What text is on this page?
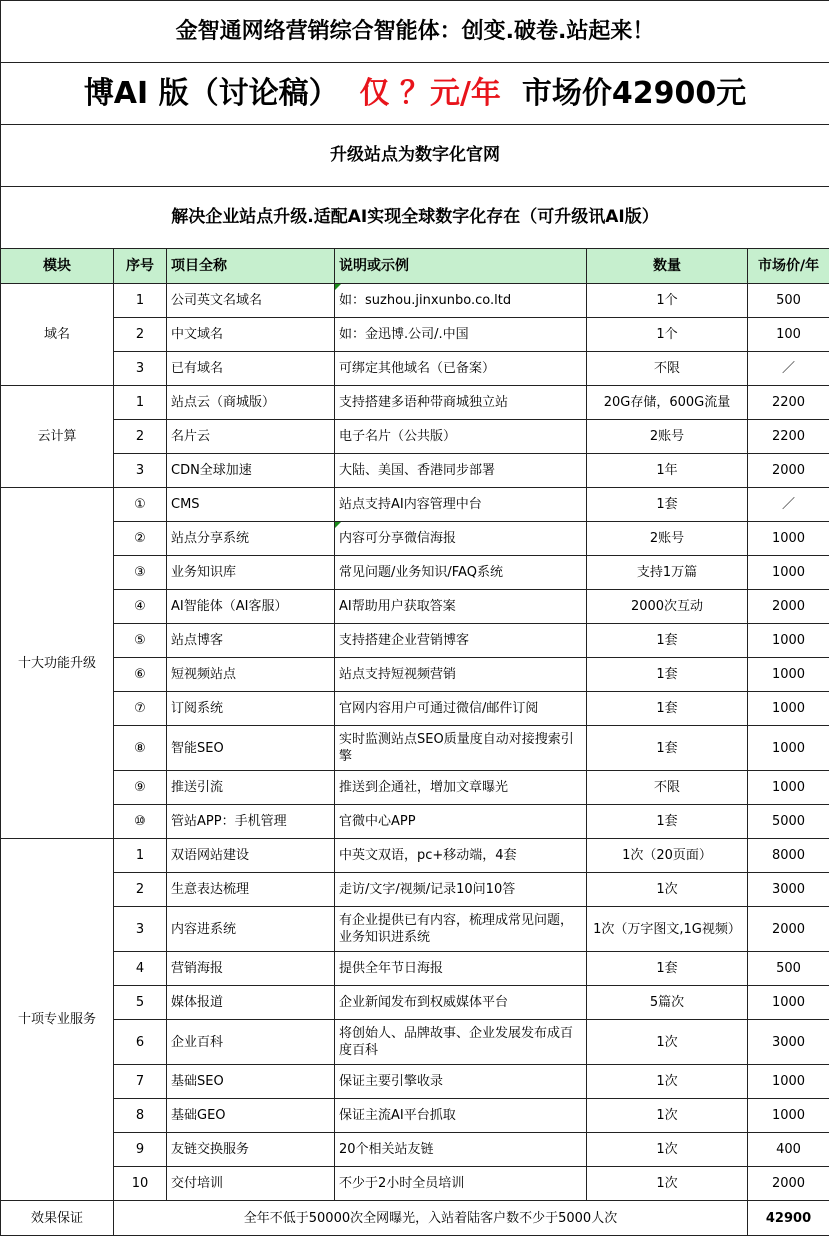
金智通网络营销综合智能体：创变.破卷.站起来！					
博AI 版（讨论稿） 仅 ？元/年 市场价42900元					
升级站点为数字化官网					
解决企业站点升级.适配AI实现全球数字化存在（可升级讯AI版）					
模块	序号	项目全称	说明或示例	数量	市场价/年
域名	1	公司英文名域名	如：suzhou.jinxunbo.co.ltd	1个	500
	2	中文域名	如：金迅博.公司/.中国	1个	100
	3	已有域名	可绑定其他域名（已备案）	不限	／
云计算	1	站点云（商城版）	支持搭建多语种带商城独立站	20G存储，600G流量	2200
	2	名片云	电子名片（公共版）	2账号	2200
	3	CDN全球加速	大陆、美国、香港同步部署	1年	2000
十大功能升级	①	CMS	站点支持AI内容管理中台	1套	／
	②	站点分享系统	内容可分享微信海报	2账号	1000
	③	业务知识库	常见问题/业务知识/FAQ系统	支持1万篇	1000
	④	AI智能体（AI客服）	AI帮助用户获取答案	2000次互动	2000
	⑤	站点博客	支持搭建企业营销博客	1套	1000
	⑥	短视频站点	站点支持短视频营销	1套	1000
	⑦	订阅系统	官网内容用户可通过微信/邮件订阅	1套	1000
	⑧	智能SEO	实时监测站点SEO质量度自动对接搜索引擎	1套	1000
	⑨	推送引流	推送到企通社，增加文章曝光	不限	1000
	⑩	管站APP：手机管理	官微中心APP	1套	5000
十项专业服务	1	双语网站建设	中英文双语，pc+移动端，4套	1次（20页面）	8000
	2	生意表达梳理	走访/文字/视频/记录10问10答	1次	3000
	3	内容进系统	有企业提供已有内容，梳理成常见问题，业务知识进系统	1次（万字图文,1G视频）	2000
	4	营销海报	提供全年节日海报	1套	500
	5	媒体报道	企业新闻发布到权威媒体平台	5篇次	1000
	6	企业百科	将创始人、品牌故事、企业发展发布成百度百科	1次	3000
	7	基础SEO	保证主要引擎收录	1次	1000
	8	基础GEO	保证主流AI平台抓取	1次	1000
	9	友链交换服务	20个相关站友链	1次	400
	10	交付培训	不少于2小时全员培训	1次	2000
效果保证	全年不低于50000次全网曝光，入站着陆客户数不少于5000人次				42900
